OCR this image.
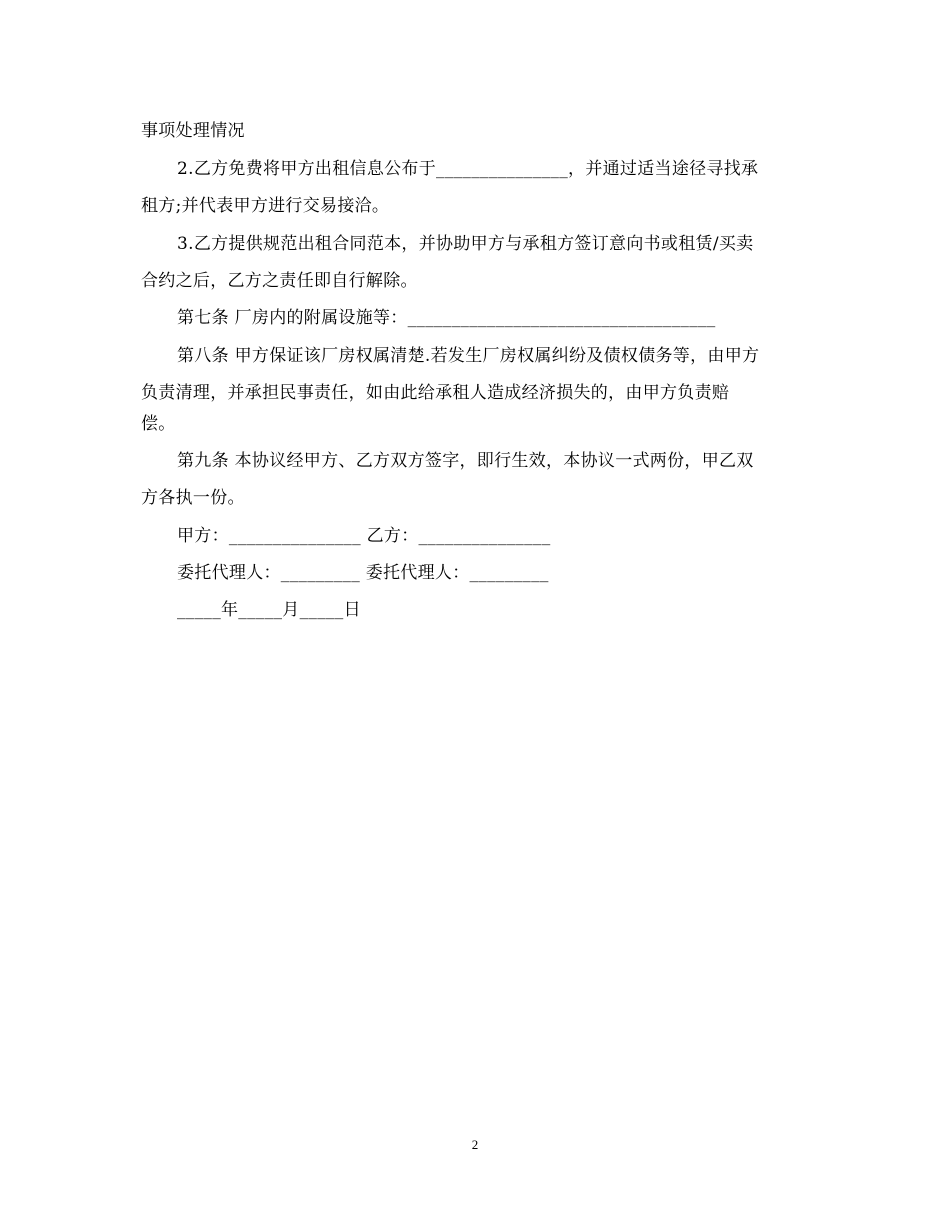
事项处理情况
2.乙方免费将甲方出租信息公布于_______________，并通过适当途径寻找承
租方;并代表甲方进行交易接洽。
3.乙方提供规范出租合同范本，并协助甲方与承租方签订意向书或租赁/买卖
合约之后，乙方之责任即自行解除。
第七条 厂房内的附属设施等：___________________________________
第八条 甲方保证该厂房权属清楚.若发生厂房权属纠纷及债权债务等，由甲方
负责清理，并承担民事责任，如由此给承租人造成经济损失的，由甲方负责赔
偿。
第九条 本协议经甲方、乙方双方签字，即行生效，本协议一式两份，甲乙双
方各执一份。
甲方：_______________ 乙方：_______________
委托代理人：_________ 委托代理人：_________
_____年_____月_____日
2
